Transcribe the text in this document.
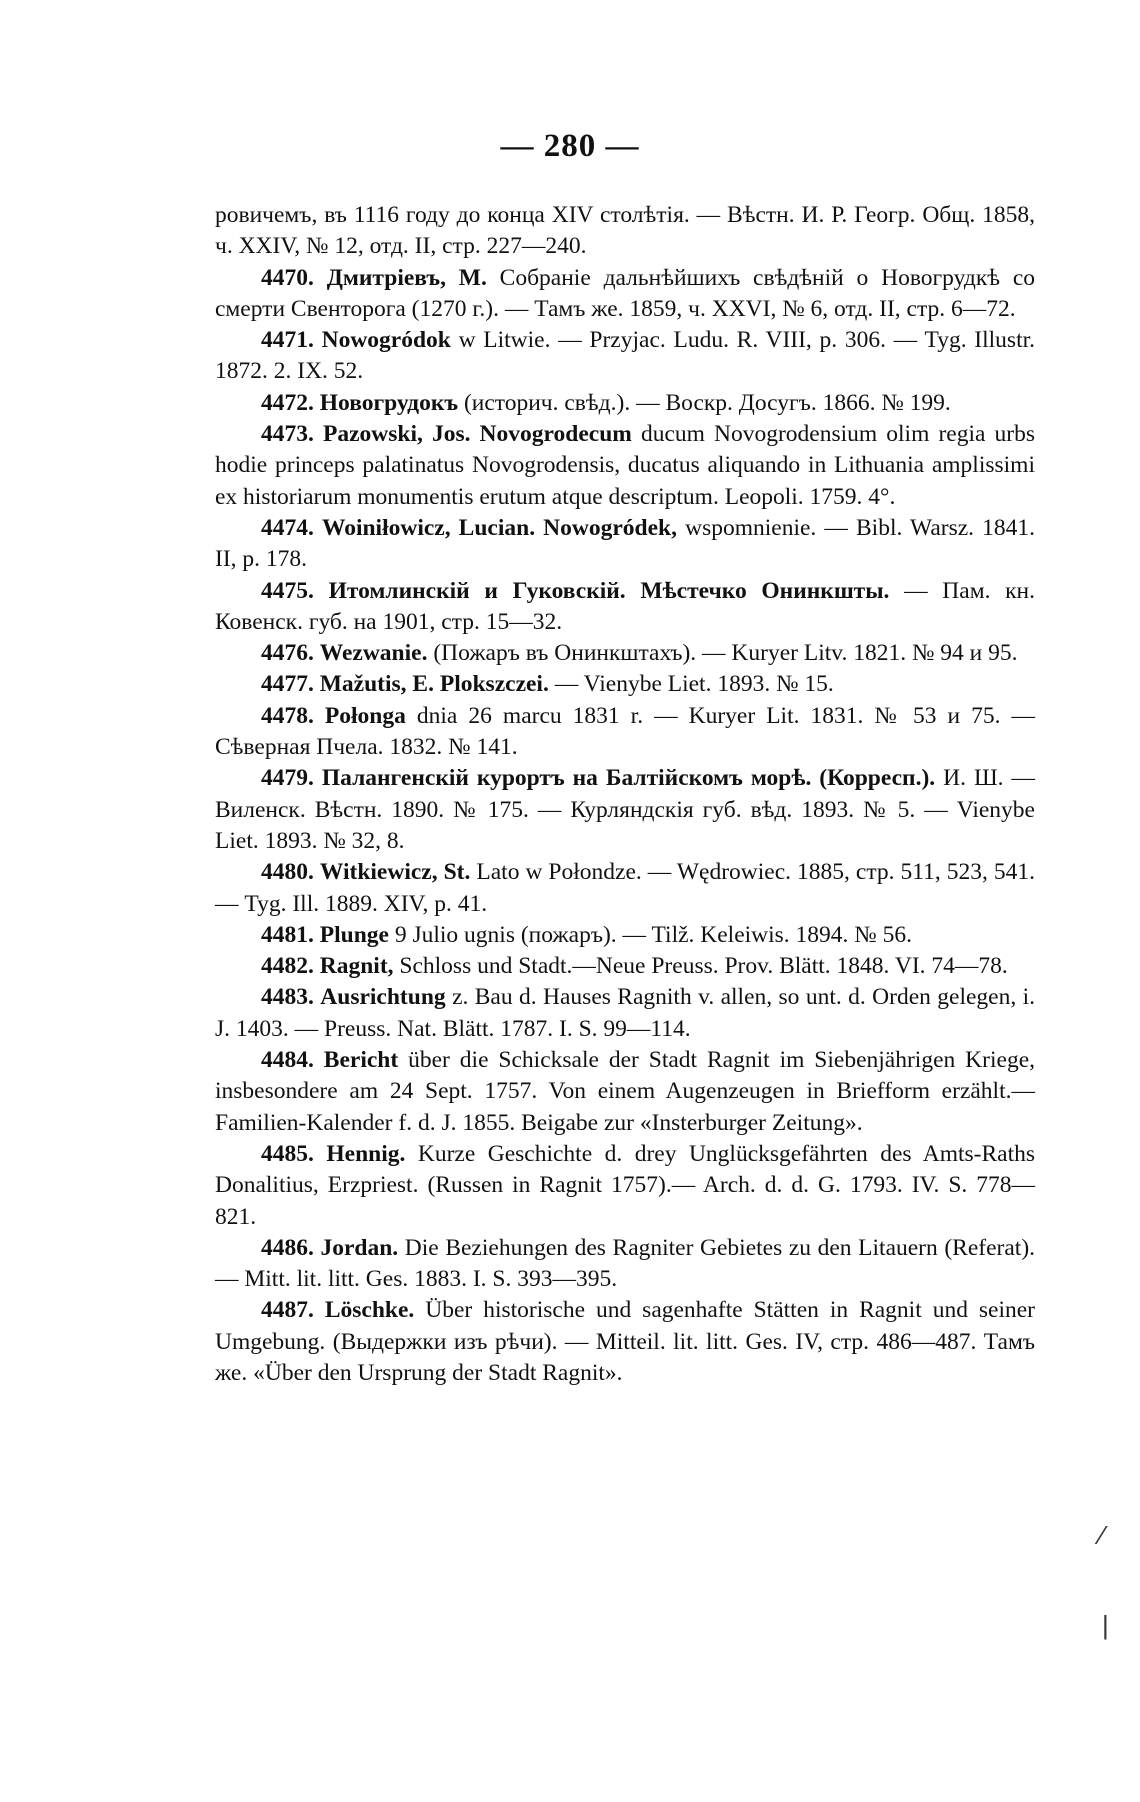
— 280 —

ровичемъ, въ 1116 году до конца XIV столѣтія. — Вѣстн. И. Р. Геогр. Общ. 1858, ч. XXIV, № 12, отд. II, стр. 227—240.

4470. Дмитріевъ, М. Собраніе дальнѣйшихъ свѣдѣній о Новогрудкѣ со смерти Свенторога (1270 г.). — Тамъ же. 1859, ч. XXVI, № 6, отд. II, стр. 6—72.

4471. Nowogródok w Litwie. — Przyjac. Ludu. R. VIII, p. 306. — Tyg. Illustr. 1872. 2. IX. 52.

4472. Новогрудокъ (историч. свѣд.). — Воскр. Досугъ. 1866. № 199.

4473. Pazowski, Jos. Novogrodecum ducum Novogrodensium olim regia urbs hodie princeps palatinatus Novogrodensis, ducatus aliquando in Lithuania amplissimi ex historiarum monumentis erutum atque descriptum. Leopoli. 1759. 4°.

4474. Woiniłowicz, Lucian. Nowogródek, wspomnienie. — Bibl. Warsz. 1841. II, p. 178.

4475. Итомлинскій и Гуковскій. Мѣстечко Онинкшты. — Пам. кн. Ковенск. губ. на 1901, стр. 15—32.

4476. Wezwanie. (Пожаръ въ Онинкштахъ). — Kuryer Litv. 1821. № 94 и 95.

4477. Mažutis, E. Plokszczei. — Vienybe Liet. 1893. № 15.

4478. Połonga dnia 26 marcu 1831 r. — Kuryer Lit. 1831. № 53 и 75. — Сѣверная Пчела. 1832. № 141.

4479. Палангенскій курортъ на Балтійскомъ морѣ. (Корресп.). И. Ш. — Виленск. Вѣстн. 1890. № 175. — Курляндскія губ. вѣд. 1893. № 5. — Vienybe Liet. 1893. № 32, 8.

4480. Witkiewicz, St. Lato w Połondze. — Wędrowiec. 1885, стр. 511, 523, 541. — Tyg. Ill. 1889. XIV, p. 41.

4481. Plunge 9 Julio ugnis (пожаръ). — Tilž. Keleiwis. 1894. № 56.

4482. Ragnit, Schloss und Stadt.—Neue Preuss. Prov. Blätt. 1848. VI. 74—78.

4483. Ausrichtung z. Bau d. Hauses Ragnith v. allen, so unt. d. Orden gelegen, i. J. 1403. — Preuss. Nat. Blätt. 1787. I. S. 99—114.

4484. Bericht über die Schicksale der Stadt Ragnit im Siebenjährigen Kriege, insbesondere am 24 Sept. 1757. Von einem Augenzeugen in Briefform erzählt.—Familien-Kalender f. d. J. 1855. Beigabe zur «Insterburger Zeitung».

4485. Hennig. Kurze Geschichte d. drey Unglücksgefährten des Amts-Raths Donalitius, Erzpriest. (Russen in Ragnit 1757).— Arch. d. d. G. 1793. IV. S. 778—821.

4486. Jordan. Die Beziehungen des Ragniter Gebietes zu den Litauern (Referat). — Mitt. lit. litt. Ges. 1883. I. S. 393—395.

4487. Löschke. Über historische und sagenhafte Stätten in Ragnit und seiner Umgebung. (Выдержки изъ рѣчи). — Mitteil. lit. litt. Ges. IV, стр. 486—487. Тамъ же. «Über den Ursprung der Stadt Ragnit».

⁄
|
